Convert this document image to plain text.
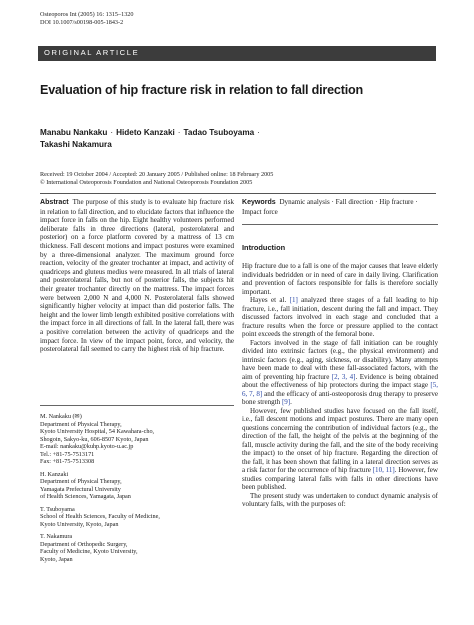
Osteoporos Int (2005) 16: 1315–1320
DOI 10.1007/s00198-005-1843-2
ORIGINAL ARTICLE
Evaluation of hip fracture risk in relation to fall direction
Manabu Nankaku · Hideto Kanzaki · Tadao Tsuboyama ·
Takashi Nakamura
Received: 19 October 2004 / Accepted: 20 January 2005 / Published online: 18 February 2005
© International Osteoporosis Foundation and National Osteoporosis Foundation 2005

Abstract The purpose of this study is to evaluate hip fracture risk in relation to fall direction, and to elucidate factors that influence the impact force in falls on the hip. Eight healthy volunteers performed deliberate falls in three directions (lateral, posterolateral and posterior) on a force platform covered by a mattress of 13 cm thickness. Fall descent motions and impact postures were examined by a three-dimensional analyzer. The maximum ground force reaction, velocity of the greater trochanter at impact, and activity of quadriceps and gluteus medius were measured. In all trials of lateral and posterolateral falls, but not of posterior falls, the subjects hit their greater trochanter directly on the mattress. The impact forces were between 2,000 N and 4,000 N. Posterolateral falls showed significantly higher velocity at impact than did posterior falls. The height and the lower limb length exhibited positive correlations with the impact force in all directions of fall. In the lateral fall, there was a positive correlation between the activity of quadriceps and the impact force. In view of the impact point, force, and velocity, the posterolateral fall seemed to carry the highest risk of hip fracture.

Keywords Dynamic analysis · Fall direction · Hip fracture · Impact force

Introduction

Hip fracture due to a fall is one of the major causes that leave elderly individuals bedridden or in need of care in daily living. Clarification and prevention of factors responsible for falls is therefore socially important.

Hayes et al. [1] analyzed three stages of a fall leading to hip fracture, i.e., fall initiation, descent during the fall and impact. They discussed factors involved in each stage and concluded that a fracture results when the force or pressure applied to the contact point exceeds the strength of the femoral bone.

Factors involved in the stage of fall initiation can be roughly divided into extrinsic factors (e.g., the physical environment) and intrinsic factors (e.g., aging, sickness, or disability). Many attempts have been made to deal with these fall-associated factors, with the aim of preventing hip fracture [2, 3, 4]. Evidence is being obtained about the effectiveness of hip protectors during the impact stage [5, 6, 7, 8] and the efficacy of anti-osteoporosis drug therapy to preserve bone strength [9].

However, few published studies have focused on the fall itself, i.e., fall descent motions and impact postures. There are many open questions concerning the contribution of individual factors (e.g., the direction of the fall, the height of the pelvis at the beginning of the fall, muscle activity during the fall, and the site of the body receiving the impact) to the onset of hip fracture. Regarding the direction of the fall, it has been shown that falling in a lateral direction serves as a risk factor for the occurrence of hip fracture [10, 11]. However, few studies comparing lateral falls with falls in other directions have been published.

The present study was undertaken to conduct dynamic analysis of voluntary falls, with the purposes of:

M. Nankaku (✉)
Department of Physical Therapy,
Kyoto University Hospital, 54 Kawahara-cho,
Shogoin, Sakyo-ku, 606-8507 Kyoto, Japan
E-mail: nankaku@kuhp.kyoto-u.ac.jp
Tel.: +81-75-7513171
Fax: +81-75-7513308
H. Kanzaki
Department of Physical Therapy,
Yamagata Prefectural University
of Health Sciences, Yamagata, Japan
T. Tsuboyama
School of Health Sciences, Faculty of Medicine,
Kyoto University, Kyoto, Japan
T. Nakamura
Department of Orthopedic Surgery,
Faculty of Medicine, Kyoto University,
Kyoto, Japan
